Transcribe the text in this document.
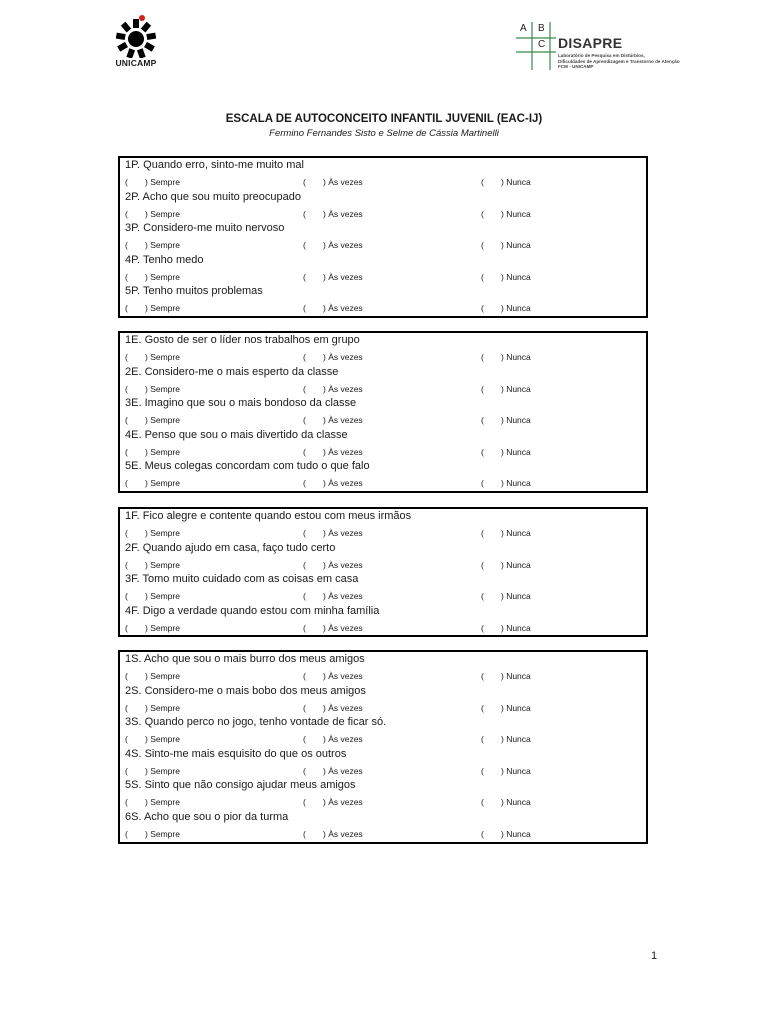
UNICAMP
A B
C DISAPRE
Laboratório de Pesquisa em Distúrbios,
Dificuldades de Aprendizagem e Transtorno de Atenção
FCM - UNICAMP
ESCALA DE AUTOCONCEITO INFANTIL JUVENIL (EAC-IJ)
Fermino Fernandes Sisto e Selme de Cássia Martinelli
1P. Quando erro, sinto-me muito mal
( ) Sempre	( ) Às vezes	( ) Nunca
2P. Acho que sou muito preocupado
( ) Sempre	( ) Às vezes	( ) Nunca
3P. Considero-me muito nervoso
( ) Sempre	( ) Às vezes	( ) Nunca
4P. Tenho medo
( ) Sempre	( ) Às vezes	( ) Nunca
5P. Tenho muitos problemas
( ) Sempre	( ) Às vezes	( ) Nunca
1E. Gosto de ser o líder nos trabalhos em grupo
( ) Sempre	( ) Às vezes	( ) Nunca
2E. Considero-me o mais esperto da classe
( ) Sempre	( ) Às vezes	( ) Nunca
3E. Imagino que sou o mais bondoso da classe
( ) Sempre	( ) Às vezes	( ) Nunca
4E. Penso que sou o mais divertido da classe
( ) Sempre	( ) Às vezes	( ) Nunca
5E. Meus colegas concordam com tudo o que falo
( ) Sempre	( ) Às vezes	( ) Nunca
1F. Fico alegre e contente quando estou com meus irmãos
( ) Sempre	( ) Às vezes	( ) Nunca
2F. Quando ajudo em casa, faço tudo certo
( ) Sempre	( ) Às vezes	( ) Nunca
3F. Tomo muito cuidado com as coisas em casa
( ) Sempre	( ) Às vezes	( ) Nunca
4F. Digo a verdade quando estou com minha família
( ) Sempre	( ) Às vezes	( ) Nunca
1S. Acho que sou o mais burro dos meus amigos
( ) Sempre	( ) Às vezes	( ) Nunca
2S. Considero-me o mais bobo dos meus amigos
( ) Sempre	( ) Às vezes	( ) Nunca
3S. Quando perco no jogo, tenho vontade de ficar só.
( ) Sempre	( ) Às vezes	( ) Nunca
4S. Sinto-me mais esquisito do que os outros
( ) Sempre	( ) Às vezes	( ) Nunca
5S. Sinto que não consigo ajudar meus amigos
( ) Sempre	( ) Às vezes	( ) Nunca
6S. Acho que sou o pior da turma
( ) Sempre	( ) Às vezes	( ) Nunca
1
